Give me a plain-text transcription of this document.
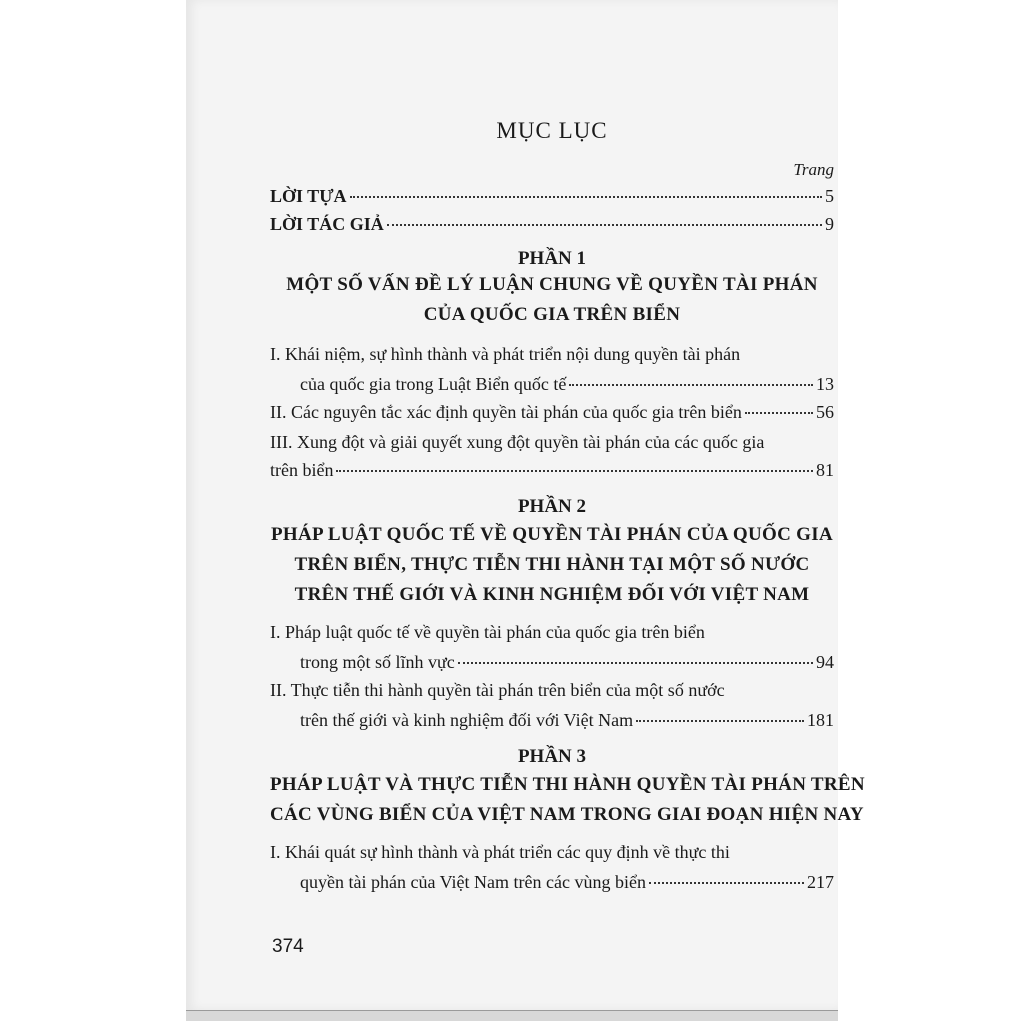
MỤC LỤC
Trang
LỜI TỰA	5
LỜI TÁC GIẢ	9
PHẦN 1
MỘT SỐ VẤN ĐỀ LÝ LUẬN CHUNG VỀ QUYỀN TÀI PHÁN
CỦA QUỐC GIA TRÊN BIỂN
I. Khái niệm, sự hình thành và phát triển nội dung quyền tài phán
của quốc gia trong Luật Biển quốc tế	13
II. Các nguyên tắc xác định quyền tài phán của quốc gia trên biển	56
III. Xung đột và giải quyết xung đột quyền tài phán của các quốc gia
trên biển	81
PHẦN 2
PHÁP LUẬT QUỐC TẾ VỀ QUYỀN TÀI PHÁN CỦA QUỐC GIA
TRÊN BIỂN, THỰC TIỄN THI HÀNH TẠI MỘT SỐ NƯỚC
TRÊN THẾ GIỚI VÀ KINH NGHIỆM ĐỐI VỚI VIỆT NAM
I. Pháp luật quốc tế về quyền tài phán của quốc gia trên biển
trong một số lĩnh vực	94
II. Thực tiễn thi hành quyền tài phán trên biển của một số nước
trên thế giới và kinh nghiệm đối với Việt Nam	181
PHẦN 3
PHÁP LUẬT VÀ THỰC TIỄN THI HÀNH QUYỀN TÀI PHÁN TRÊN
CÁC VÙNG BIỂN CỦA VIỆT NAM TRONG GIAI ĐOẠN HIỆN NAY
I. Khái quát sự hình thành và phát triển các quy định về thực thi
quyền tài phán của Việt Nam trên các vùng biển	217
374
